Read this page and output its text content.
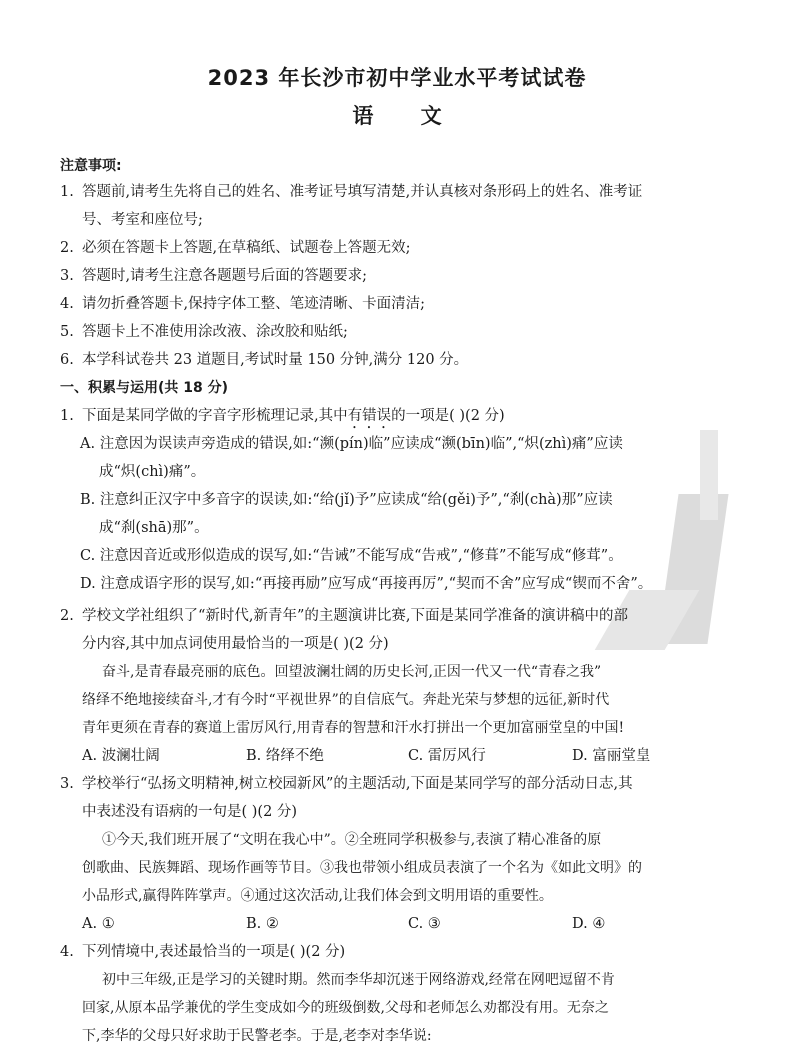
2023 年长沙市初中学业水平考试试卷
语 文
注意事项:
1. 答题前,请考生先将自己的姓名、准考证号填写清楚,并认真核对条形码上的姓名、准考证
号、考室和座位号;
2. 必须在答题卡上答题,在草稿纸、试题卷上答题无效;
3. 答题时,请考生注意各题题号后面的答题要求;
4. 请勿折叠答题卡,保持字体工整、笔迹清晰、卡面清洁;
5. 答题卡上不准使用涂改液、涂改胶和贴纸;
6. 本学科试卷共 23 道题目,考试时量 150 分钟,满分 120 分。
一、积累与运用(共 18 分)
1. 下面是某同学做的字音字形梳理记录,其中有错误的一项是( )(2 分)
A. 注意因为误读声旁造成的错误,如:“濒(pín)临”应读成“濒(bīn)临”,“炽(zhì)痛”应读
成“炽(chì)痛”。
B. 注意纠正汉字中多音字的误读,如:“给(jǐ)予”应读成“给(gěi)予”,“刹(chà)那”应读
成“刹(shā)那”。
C. 注意因音近或形似造成的误写,如:“告诫”不能写成“告戒”,“修葺”不能写成“修茸”。
D. 注意成语字形的误写,如:“再接再励”应写成“再接再厉”,“契而不舍”应写成“锲而不舍”。
2. 学校文学社组织了“新时代,新青年”的主题演讲比赛,下面是某同学准备的演讲稿中的部
分内容,其中加点词使用最恰当的一项是( )(2 分)
奋斗,是青春最亮丽的底色。回望波澜壮阔的历史长河,正因一代又一代“青春之我”
络绎不绝地接续奋斗,才有今时“平视世界”的自信底气。奔赴光荣与梦想的远征,新时代
青年更须在青春的赛道上雷厉风行,用青春的智慧和汗水打拼出一个更加富丽堂皇的中国!
A. 波澜壮阔	B. 络绎不绝	C. 雷厉风行	D. 富丽堂皇
3. 学校举行“弘扬文明精神,树立校园新风”的主题活动,下面是某同学写的部分活动日志,其
中表述没有语病的一句是( )(2 分)
①今天,我们班开展了“文明在我心中”。②全班同学积极参与,表演了精心准备的原
创歌曲、民族舞蹈、现场作画等节目。③我也带领小组成员表演了一个名为《如此文明》的
小品形式,赢得阵阵掌声。④通过这次活动,让我们体会到文明用语的重要性。
A. ①	B. ②	C. ③	D. ④
4. 下列情境中,表述最恰当的一项是( )(2 分)
初中三年级,正是学习的关键时期。然而李华却沉迷于网络游戏,经常在网吧逗留不肯
回家,从原本品学兼优的学生变成如今的班级倒数,父母和老师怎么劝都没有用。无奈之
下,李华的父母只好求助于民警老李。于是,老李对李华说:
